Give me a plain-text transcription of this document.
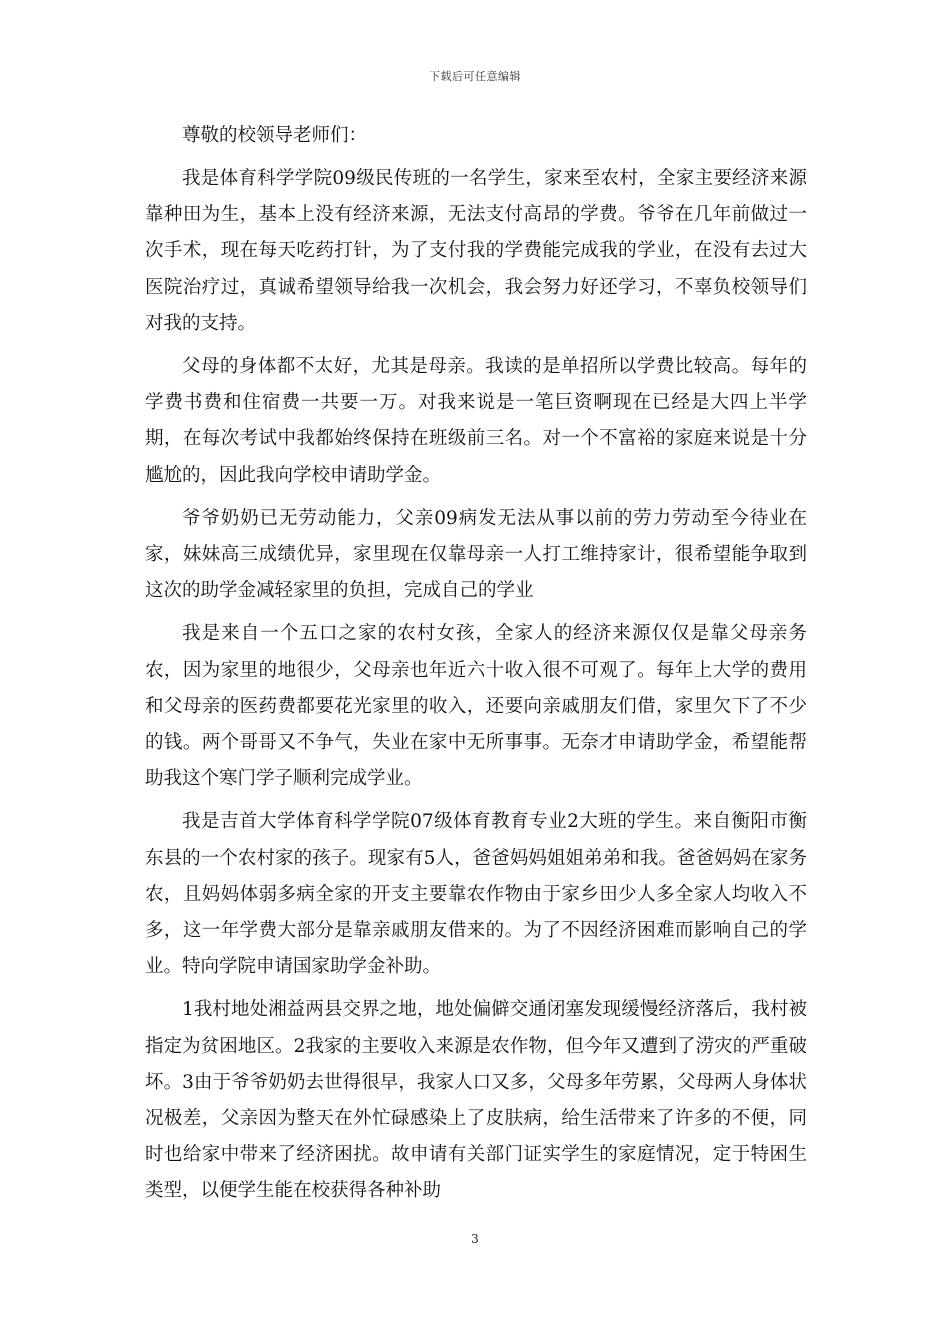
下载后可任意编辑

尊敬的校领导老师们：

我是体育科学学院09级民传班的一名学生，家来至农村，全家主要经济来源靠种田为生，基本上没有经济来源，无法支付高昂的学费。爷爷在几年前做过一次手术，现在每天吃药打针，为了支付我的学费能完成我的学业，在没有去过大医院治疗过，真诚希望领导给我一次机会，我会努力好还学习，不辜负校领导们对我的支持。

父母的身体都不太好，尤其是母亲。我读的是单招所以学费比较高。每年的学费书费和住宿费一共要一万。对我来说是一笔巨资啊现在已经是大四上半学期，在每次考试中我都始终保持在班级前三名。对一个不富裕的家庭来说是十分尴尬的，因此我向学校申请助学金。

爷爷奶奶已无劳动能力，父亲09病发无法从事以前的劳力劳动至今待业在家，妹妹高三成绩优异，家里现在仅靠母亲一人打工维持家计，很希望能争取到这次的助学金减轻家里的负担，完成自己的学业

我是来自一个五口之家的农村女孩，全家人的经济来源仅仅是靠父母亲务农，因为家里的地很少，父母亲也年近六十收入很不可观了。每年上大学的费用和父母亲的医药费都要花光家里的收入，还要向亲戚朋友们借，家里欠下了不少的钱。两个哥哥又不争气，失业在家中无所事事。无奈才申请助学金，希望能帮助我这个寒门学子顺利完成学业。

我是吉首大学体育科学学院07级体育教育专业2大班的学生。来自衡阳市衡东县的一个农村家的孩子。现家有5人，爸爸妈妈姐姐弟弟和我。爸爸妈妈在家务农，且妈妈体弱多病全家的开支主要靠农作物由于家乡田少人多全家人均收入不多，这一年学费大部分是靠亲戚朋友借来的。为了不因经济困难而影响自己的学业。特向学院申请国家助学金补助。

1我村地处湘益两县交界之地，地处偏僻交通闭塞发现缓慢经济落后，我村被指定为贫困地区。2我家的主要收入来源是农作物，但今年又遭到了涝灾的严重破坏。3由于爷爷奶奶去世得很早，我家人口又多，父母多年劳累，父母两人身体状况极差，父亲因为整天在外忙碌感染上了皮肤病，给生活带来了许多的不便，同时也给家中带来了经济困扰。故申请有关部门证实学生的家庭情况，定于特困生类型，以便学生能在校获得各种补助

3
